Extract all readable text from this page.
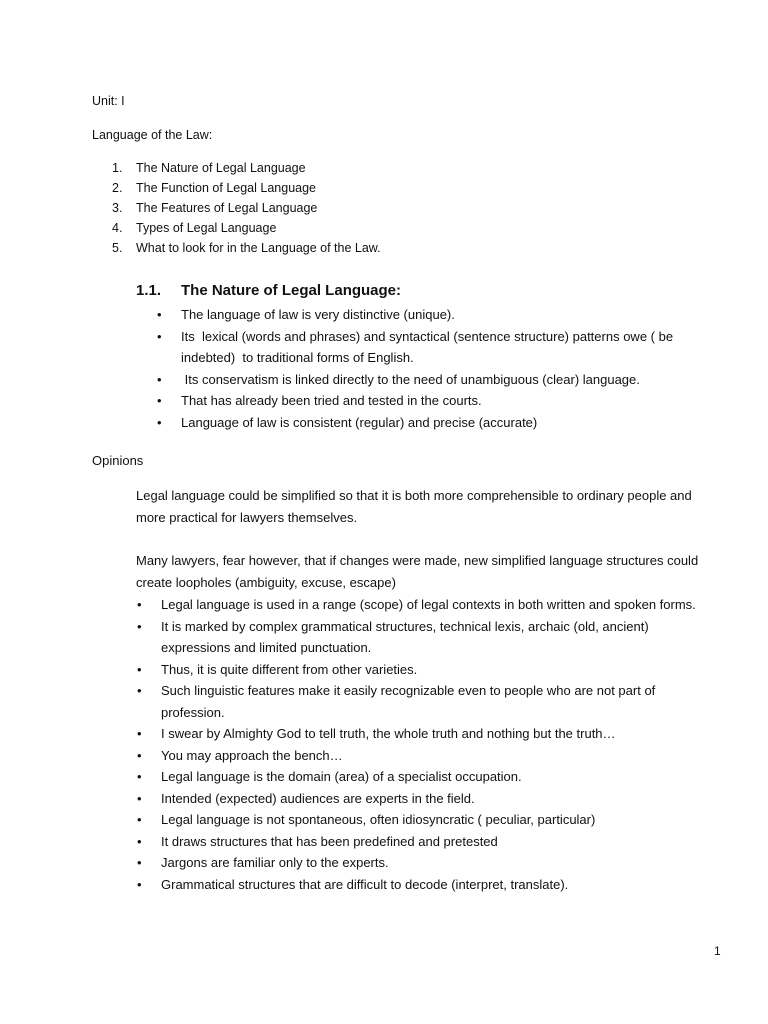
Unit: I
Language of the Law:
1.	The Nature of Legal Language
2.	The Function of Legal Language
3.	The Features of Legal Language
4.	Types of Legal Language
5.	What to look for in the Language of the Law.
1.1.	The Nature of Legal Language:
• The language of law is very distinctive (unique).
• Its  lexical (words and phrases) and syntactical (sentence structure) patterns owe ( be indebted)  to traditional forms of English.
• Its conservatism is linked directly to the need of unambiguous (clear) language.
• That has already been tried and tested in the courts.
• Language of law is consistent (regular) and precise (accurate)
Opinions
Legal language could be simplified so that it is both more comprehensible to ordinary people and more practical for lawyers themselves.
Many lawyers, fear however, that if changes were made, new simplified language structures could create loopholes (ambiguity, excuse, escape)
• Legal language is used in a range (scope) of legal contexts in both written and spoken forms.
• It is marked by complex grammatical structures, technical lexis, archaic (old, ancient) expressions and limited punctuation.
• Thus, it is quite different from other varieties.
• Such linguistic features make it easily recognizable even to people who are not part of profession.
• I swear by Almighty God to tell truth, the whole truth and nothing but the truth…
• You may approach the bench…
• Legal language is the domain (area) of a specialist occupation.
• Intended (expected) audiences are experts in the field.
• Legal language is not spontaneous, often idiosyncratic ( peculiar, particular)
• It draws structures that has been predefined and pretested
• Jargons are familiar only to the experts.
• Grammatical structures that are difficult to decode (interpret, translate).
1
